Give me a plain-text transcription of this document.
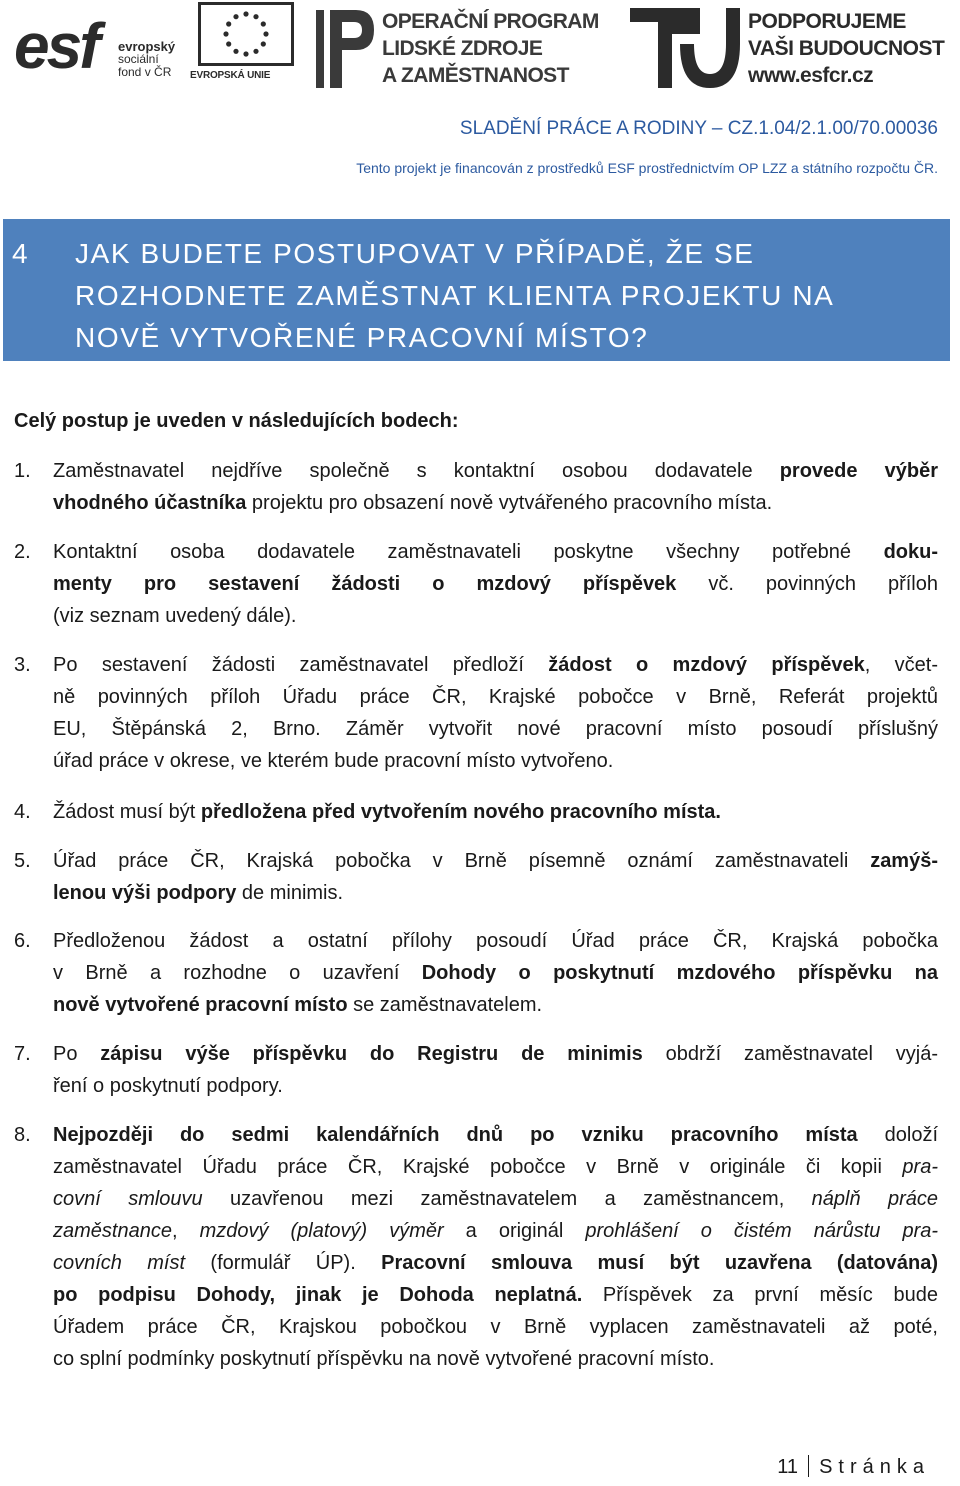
esf evropský
sociální
fond v ČR	EVROPSKÁ UNIE
OPERAČNÍ PROGRAM
LIDSKÉ ZDROJE
A ZAMĚSTNANOST
PODPORUJEME
VAŠI BUDOUCNOST
www.esfcr.cz
SLADĚNÍ PRÁCE A RODINY – CZ.1.04/2.1.00/70.00036
Tento projekt je financován z prostředků ESF prostřednictvím OP LZZ a státního rozpočtu ČR.
4 JAK BUDETE POSTUPOVAT V PŘÍPADĚ, ŽE SE
ROZHODNETE ZAMĚSTNAT KLIENTA PROJEKTU NA
NOVĚ VYTVOŘENÉ PRACOVNÍ MÍSTO?
Celý postup je uveden v následujících bodech:
1. Zaměstnavatel nejdříve společně s kontaktní osobou dodavatele provede výběr
vhodného účastníka projektu pro obsazení nově vytvářeného pracovního místa.
2. Kontaktní osoba dodavatele zaměstnavateli poskytne všechny potřebné doku-
menty pro sestavení žádosti o mzdový příspěvek vč. povinných příloh
(viz seznam uvedený dále).
3. Po sestavení žádosti zaměstnavatel předloží žádost o mzdový příspěvek, včet-
ně povinných příloh Úřadu práce ČR, Krajské pobočce v Brně, Referát projektů
EU, Štěpánská 2, Brno. Záměr vytvořit nové pracovní místo posoudí příslušný
úřad práce v okrese, ve kterém bude pracovní místo vytvořeno.
4. Žádost musí být předložena před vytvořením nového pracovního místa.
5. Úřad práce ČR, Krajská pobočka v Brně písemně oznámí zaměstnavateli zamýš-
lenou výši podpory de minimis.
6. Předloženou žádost a ostatní přílohy posoudí Úřad práce ČR, Krajská pobočka
v Brně a rozhodne o uzavření Dohody o poskytnutí mzdového příspěvku na
nově vytvořené pracovní místo se zaměstnavatelem.
7. Po zápisu výše příspěvku do Registru de minimis obdrží zaměstnavatel vyjá-
ření o poskytnutí podpory.
8. Nejpozději do sedmi kalendářních dnů po vzniku pracovního místa doloží
zaměstnavatel Úřadu práce ČR, Krajské pobočce v Brně v originále či kopii pra-
covní smlouvu uzavřenou mezi zaměstnavatelem a zaměstnancem, náplň práce
zaměstnance, mzdový (platový) výměr a originál prohlášení o čistém nárůstu pra-
covních míst (formulář ÚP). Pracovní smlouva musí být uzavřena (datována)
po podpisu Dohody, jinak je Dohoda neplatná. Příspěvek za první měsíc bude
Úřadem práce ČR, Krajskou pobočkou v Brně vyplacen zaměstnavateli až poté,
co splní podmínky poskytnutí příspěvku na nově vytvořené pracovní místo.
11 Stránka
